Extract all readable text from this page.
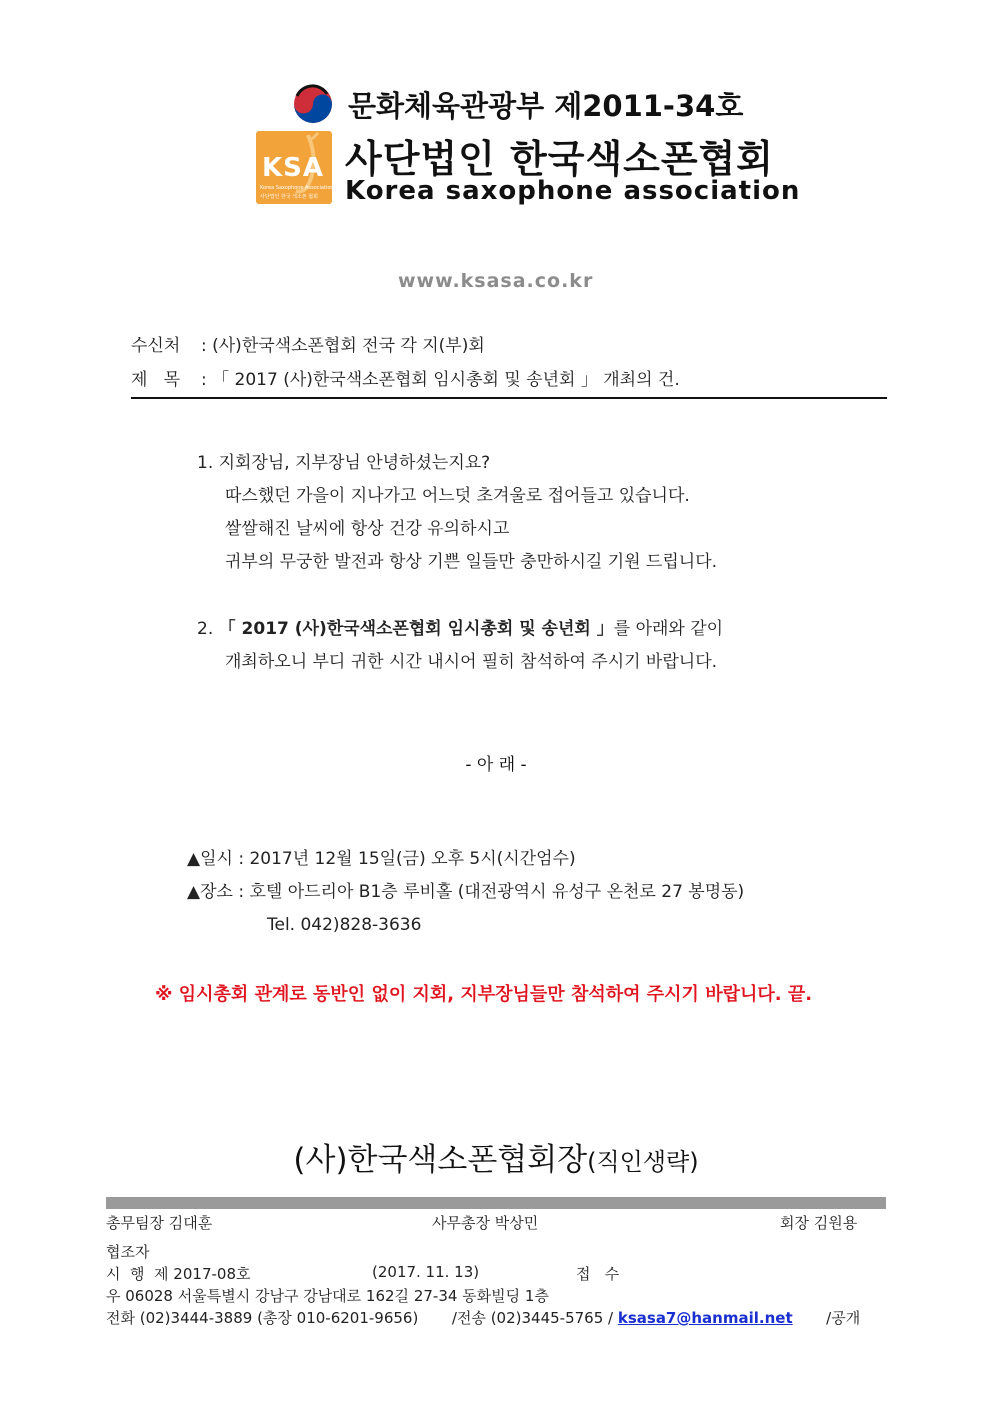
문화체육관광부 제2011-34호
KSA
Korea Saxophone Association
사단법인 한국 색소폰 협회
사단법인 한국색소폰협회
Korea saxophone association
www.ksasa.co.kr
수신처 : (사)한국색소폰협회 전국 각 지(부)회
제   목 : 「 2017 (사)한국색소폰협회 임시총회 및 송년회 」 개최의 건.
1. 지회장님, 지부장님 안녕하셨는지요?
따스했던 가을이 지나가고 어느덧 초겨울로 접어들고 있습니다.
쌀쌀해진 날씨에 항상 건강 유의하시고
귀부의 무궁한 발전과 항상 기쁜 일들만 충만하시길 기원 드립니다.
2. 「 2017 (사)한국색소폰협회 임시총회 및 송년회 」를 아래와 같이
개최하오니 부디 귀한 시간 내시어 필히 참석하여 주시기 바랍니다.
- 아 래 -
▲일시 : 2017년 12월 15일(금) 오후 5시(시간엄수)
▲장소 : 호텔 아드리아 B1층 루비홀 (대전광역시 유성구 온천로 27 봉명동)
Tel. 042)828-3636
※ 임시총회 관계로 동반인 없이 지회, 지부장님들만 참석하여 주시기 바랍니다. 끝.
(사)한국색소폰협회장(직인생략)
총무팀장 김대훈	사무총장 박상민	회장 김원용
협조자
시  행  제 2017-08호	(2017. 11. 13)	접   수
우 06028 서울특별시 강남구 강남대로 162길 27-34 동화빌딩 1층
전화 (02)3444-3889 (총장 010-6201-9656) /전송 (02)3445-5765 / ksasa7@hanmail.net /공개
